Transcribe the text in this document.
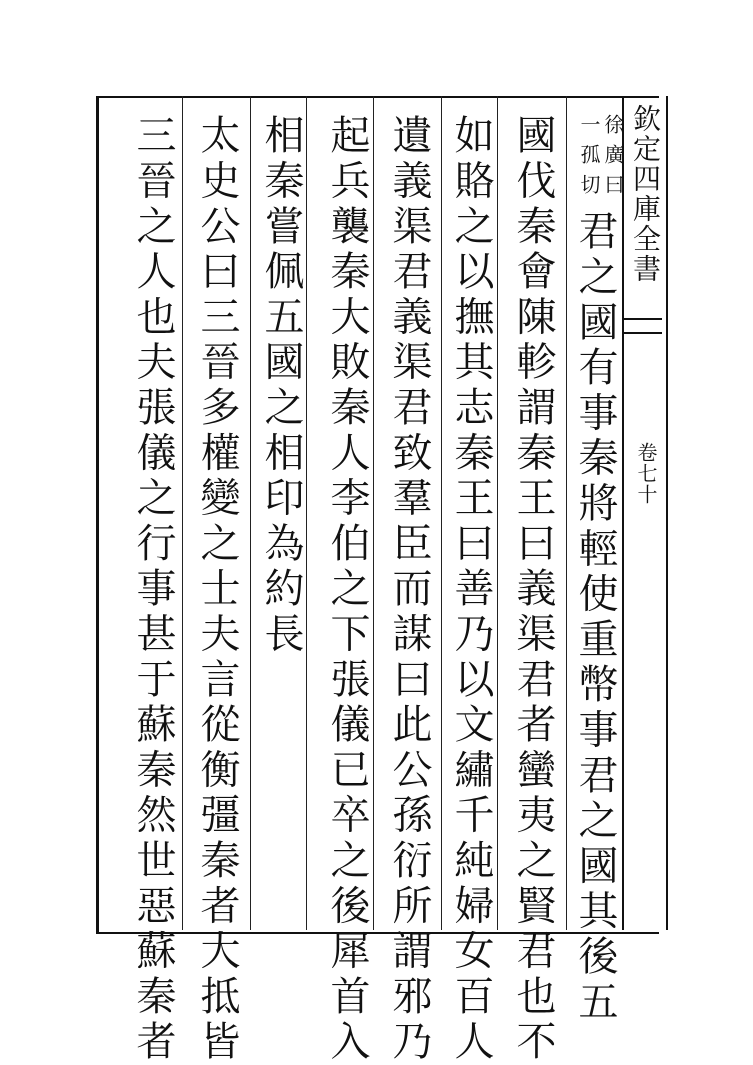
欽定四庫全書
卷七十
徐廣曰
一孤切
君之國有事秦將輕使重幣事君之國其後五
國伐秦會陳軫謂秦王曰義渠君者蠻夷之賢君也不
如賂之以撫其志秦王曰善乃以文繡千純婦女百人
遺義渠君義渠君致羣臣而謀曰此公孫衍所謂邪乃
起兵襲秦大敗秦人李伯之下張儀已卒之後犀首入
相秦嘗佩五國之相印為約長
太史公曰三晉多權變之士夫言從衡彊秦者大抵皆
三晉之人也夫張儀之行事甚于蘇秦然世惡蘇秦者
